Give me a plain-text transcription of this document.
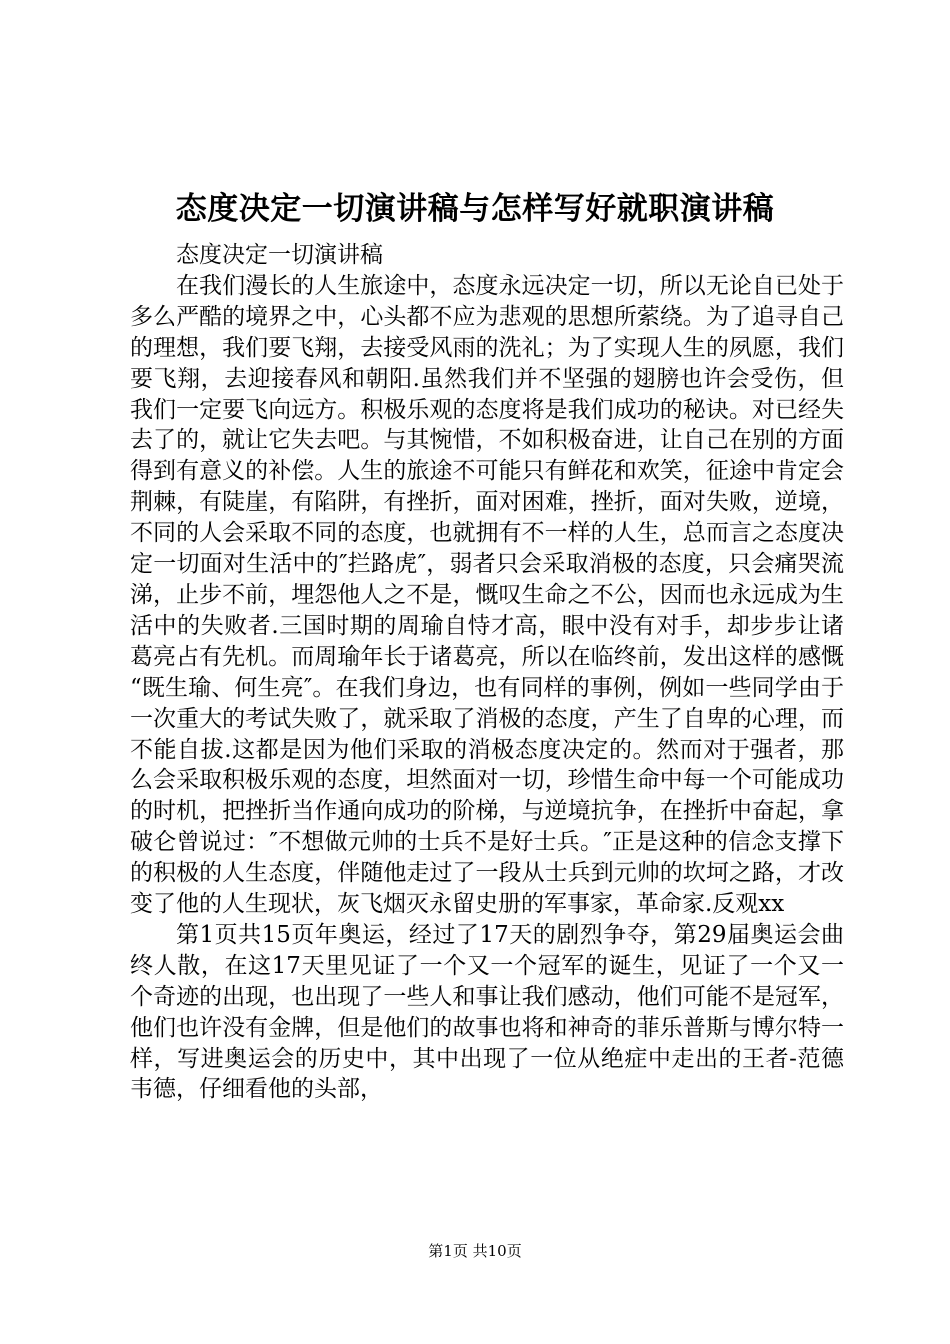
态度决定一切演讲稿与怎样写好就职演讲稿

态度决定一切演讲稿

在我们漫长的人生旅途中，态度永远决定一切，所以无论自已处于多么严酷的境界之中，心头都不应为悲观的思想所萦绕。为了追寻自己的理想，我们要飞翔，去接受风雨的洗礼；为了实现人生的夙愿，我们要飞翔，去迎接春风和朝阳.虽然我们并不坚强的翅膀也许会受伤，但我们一定要飞向远方。积极乐观的态度将是我们成功的秘诀。对已经失去了的，就让它失去吧。与其惋惜，不如积极奋进，让自己在别的方面得到有意义的补偿。人生的旅途不可能只有鲜花和欢笑，征途中肯定会荆棘，有陡崖，有陷阱，有挫折，面对困难，挫折，面对失败，逆境，不同的人会采取不同的态度，也就拥有不一样的人生，总而言之态度决定一切面对生活中的″拦路虎″，弱者只会采取消极的态度，只会痛哭流涕，止步不前，埋怨他人之不是，慨叹生命之不公，因而也永远成为生活中的失败者.三国时期的周瑜自恃才高，眼中没有对手，却步步让诸葛亮占有先机。而周瑜年长于诸葛亮，所以在临终前，发出这样的感慨“既生瑜、何生亮″。在我们身边，也有同样的事例，例如一些同学由于一次重大的考试失败了，就采取了消极的态度，产生了自卑的心理，而不能自拔.这都是因为他们采取的消极态度决定的。然而对于强者，那么会采取积极乐观的态度，坦然面对一切，珍惜生命中每一个可能成功的时机，把挫折当作通向成功的阶梯，与逆境抗争，在挫折中奋起，拿破仑曾说过：″不想做元帅的士兵不是好士兵。″正是这种的信念支撑下的积极的人生态度，伴随他走过了一段从士兵到元帅的坎坷之路，才改变了他的人生现状，灰飞烟灭永留史册的军事家，革命家.反观xx

第1页共15页年奥运，经过了17天的剧烈争夺，第29届奥运会曲终人散，在这17天里见证了一个又一个冠军的诞生，见证了一个又一个奇迹的出现，也出现了一些人和事让我们感动，他们可能不是冠军，他们也许没有金牌，但是他们的故事也将和神奇的菲乐普斯与博尔特一样，写进奥运会的历史中，其中出现了一位从绝症中走出的王者-范德韦德，仔细看他的头部，

第1页 共10页
